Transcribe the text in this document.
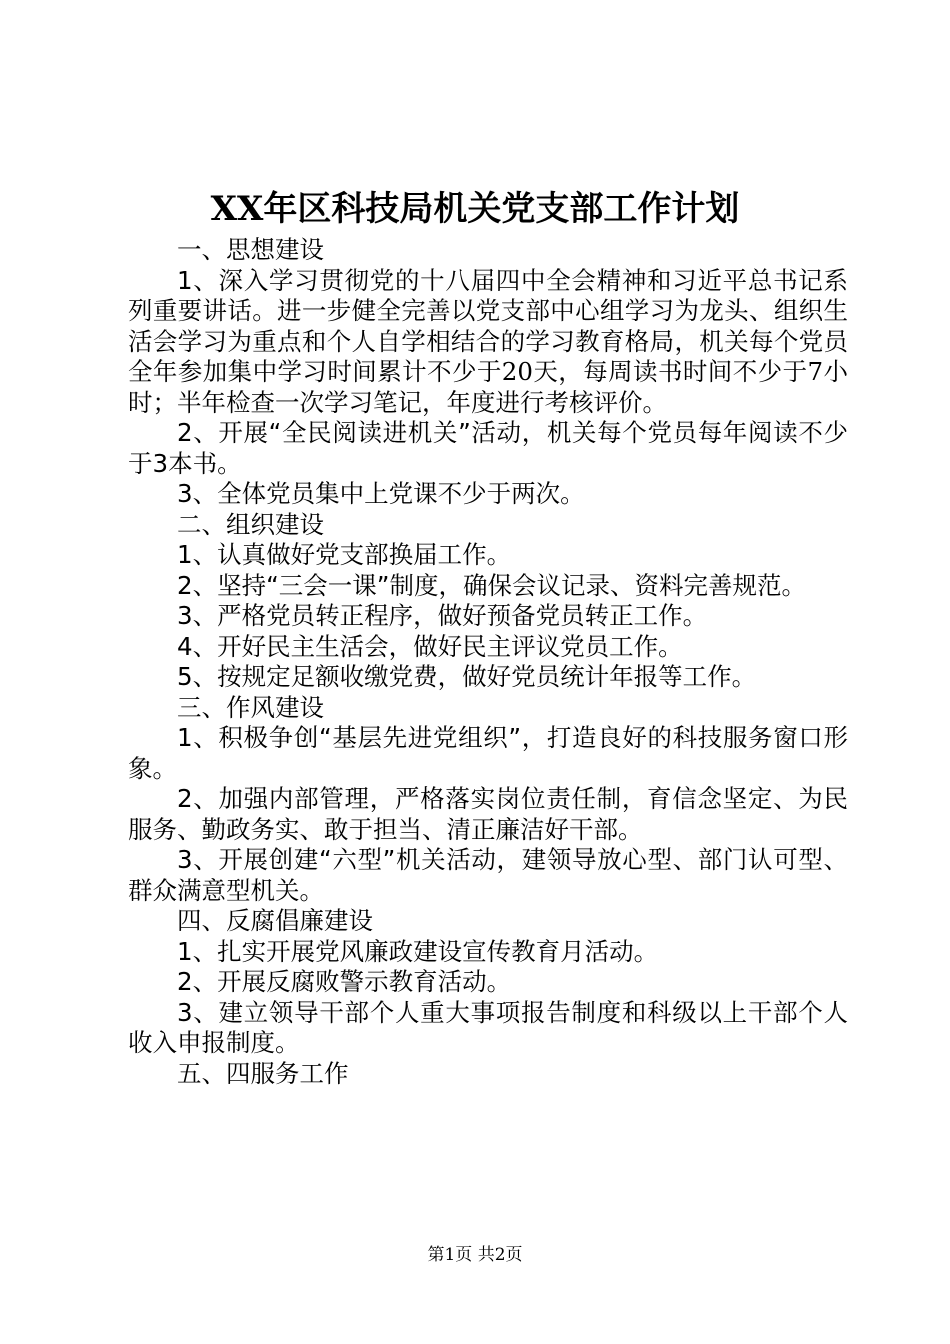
XX年区科技局机关党支部工作计划

一、思想建设

1、深入学习贯彻党的十八届四中全会精神和习近平总书记系列重要讲话。进一步健全完善以党支部中心组学习为龙头、组织生活会学习为重点和个人自学相结合的学习教育格局，机关每个党员全年参加集中学习时间累计不少于20天，每周读书时间不少于7小时；半年检查一次学习笔记，年度进行考核评价。

2、开展“全民阅读进机关”活动，机关每个党员每年阅读不少于3本书。

3、全体党员集中上党课不少于两次。

二、组织建设

1、认真做好党支部换届工作。

2、坚持“三会一课”制度，确保会议记录、资料完善规范。

3、严格党员转正程序，做好预备党员转正工作。

4、开好民主生活会，做好民主评议党员工作。

5、按规定足额收缴党费，做好党员统计年报等工作。

三、作风建设

1、积极争创“基层先进党组织”，打造良好的科技服务窗口形象。

2、加强内部管理，严格落实岗位责任制，育信念坚定、为民服务、勤政务实、敢于担当、清正廉洁好干部。

3、开展创建“六型”机关活动，建领导放心型、部门认可型、群众满意型机关。

四、反腐倡廉建设

1、扎实开展党风廉政建设宣传教育月活动。

2、开展反腐败警示教育活动。

3、建立领导干部个人重大事项报告制度和科级以上干部个人收入申报制度。

五、四服务工作

第1页 共2页
